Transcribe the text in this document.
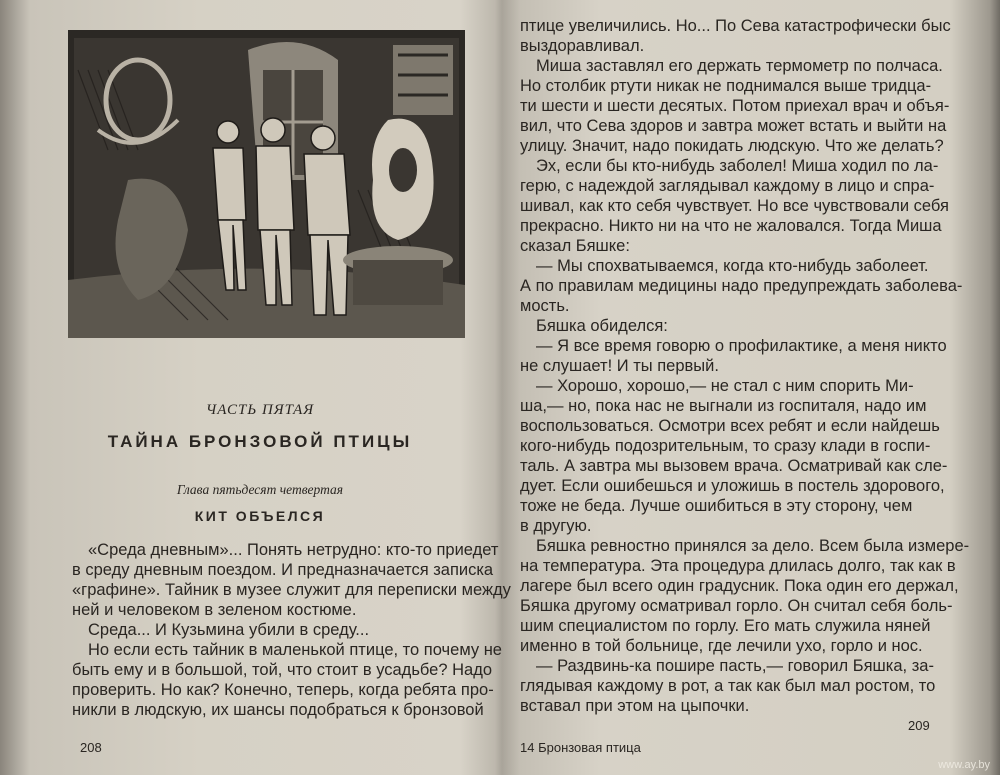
ЧАСТЬ ПЯТАЯ
ТАЙНА БРОНЗОВОЙ ПТИЦЫ
Глава пятьдесят четвертая
КИТ ОБЪЕЛСЯ
«Среда дневным»... Понять нетрудно: кто-то приедет
в среду дневным поездом. И предназначается записка
«графине». Тайник в музее служит для переписки между
ней и человеком в зеленом костюме.
Среда... И Кузьмина убили в среду...
Но если есть тайник в маленькой птице, то почему не
быть ему и в большой, той, что стоит в усадьбе? Надо
проверить. Но как? Конечно, теперь, когда ребята про-
никли в людскую, их шансы подобраться к бронзовой
208
птице увеличились. Но... По Сева катастрофически быс
выздоравливал.
Миша заставлял его держать термометр по полчаса.
Но столбик ртути никак не поднимался выше тридца-
ти шести и шести десятых. Потом приехал врач и объя-
вил, что Сева здоров и завтра может встать и выйти на
улицу. Значит, надо покидать людскую. Что же делать?
Эх, если бы кто-нибудь заболел! Миша ходил по ла-
герю, с надеждой заглядывал каждому в лицо и спра-
шивал, как кто себя чувствует. Но все чувствовали себя
прекрасно. Никто ни на что не жаловался. Тогда Миша
сказал Бяшке:
— Мы спохватываемся, когда кто-нибудь заболеет.
А по правилам медицины надо предупреждать заболева-
мость.
Бяшка обиделся:
— Я все время говорю о профилактике, а меня никто
не слушает! И ты первый.
— Хорошо, хорошо,— не стал с ним спорить Ми-
ша,— но, пока нас не выгнали из госпиталя, надо им
воспользоваться. Осмотри всех ребят и если найдешь
кого-нибудь подозрительным, то сразу клади в госпи-
таль. А завтра мы вызовем врача. Осматривай как сле-
дует. Если ошибешься и уложишь в постель здорового,
тоже не беда. Лучше ошибиться в эту сторону, чем
в другую.
Бяшка ревностно принялся за дело. Всем была измере-
на температура. Эта процедура длилась долго, так как в
лагере был всего один градусник. Пока один его держал,
Бяшка другому осматривал горло. Он считал себя боль-
шим специалистом по горлу. Его мать служила няней
именно в той больнице, где лечили ухо, горло и нос.
— Раздвинь-ка пошире пасть,— говорил Бяшка, за-
глядывая каждому в рот, а так как был мал ростом, то
вставал при этом на цыпочки.
209
14 Бронзовая птица
www.ay.by
